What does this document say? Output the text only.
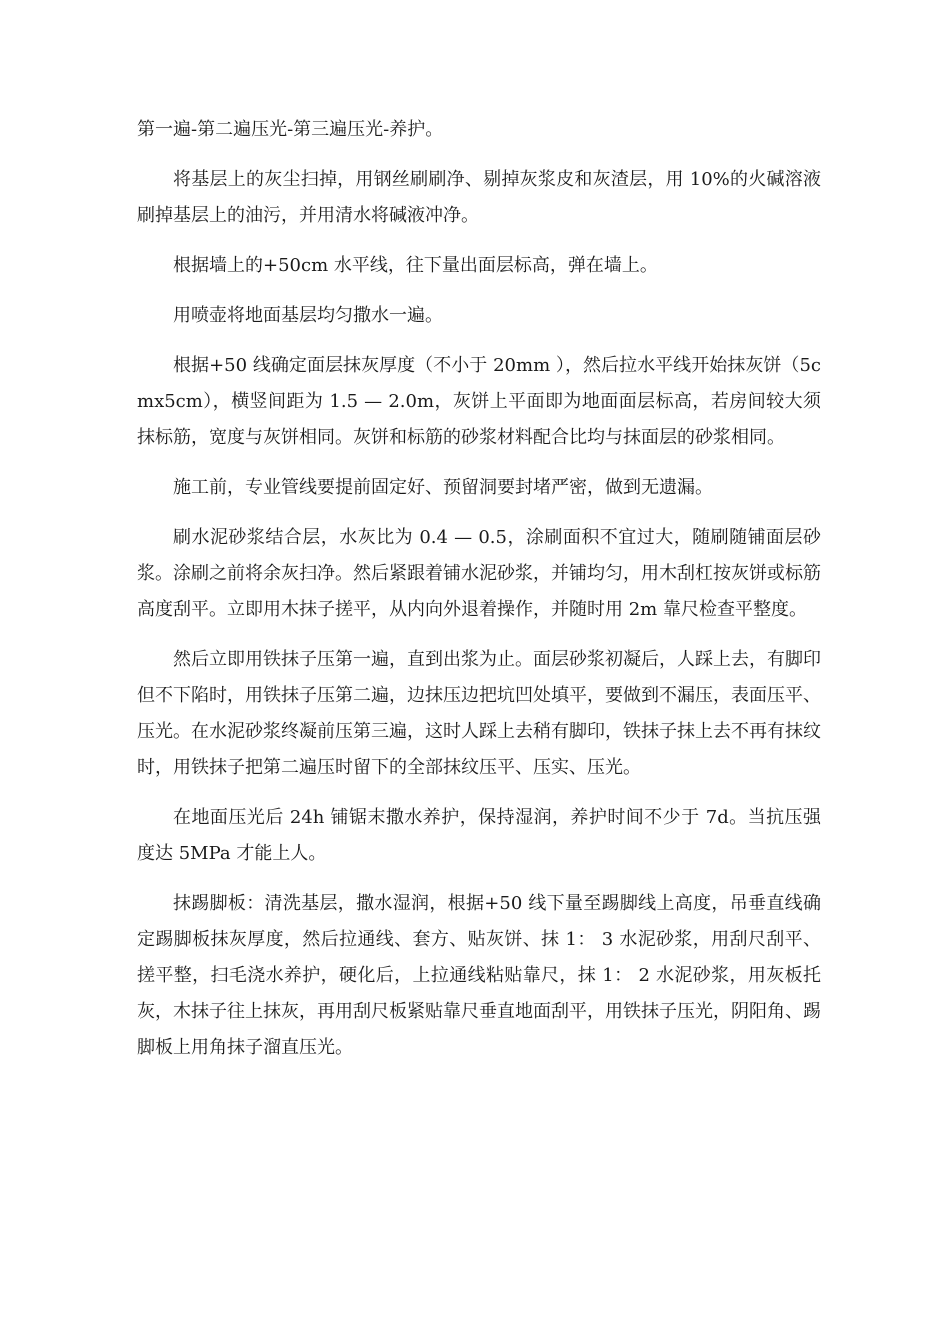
第一遍-第二遍压光-第三遍压光-养护。

将基层上的灰尘扫掉，用钢丝刷刷净、剔掉灰浆皮和灰渣层，用 10%的火碱溶液刷掉基层上的油污，并用清水将碱液冲净。

根据墙上的+50cm 水平线，往下量出面层标高，弹在墙上。

用喷壶将地面基层均匀撒水一遍。

根据+50 线确定面层抹灰厚度（不小于 20mm ），然后拉水平线开始抹灰饼（5cmx5cm），横竖间距为 1.5 — 2.0m，灰饼上平面即为地面面层标高，若房间较大须抹标筋，宽度与灰饼相同。灰饼和标筋的砂浆材料配合比均与抹面层的砂浆相同。

施工前，专业管线要提前固定好、预留洞要封堵严密，做到无遗漏。

刷水泥砂浆结合层，水灰比为 0.4 — 0.5，涂刷面积不宜过大，随刷随铺面层砂浆。涂刷之前将余灰扫净。然后紧跟着铺水泥砂浆，并铺均匀，用木刮杠按灰饼或标筋高度刮平。立即用木抹子搓平，从内向外退着操作，并随时用 2m 靠尺检查平整度。

然后立即用铁抹子压第一遍，直到出浆为止。面层砂浆初凝后，人踩上去，有脚印但不下陷时，用铁抹子压第二遍，边抹压边把坑凹处填平，要做到不漏压，表面压平、压光。在水泥砂浆终凝前压第三遍，这时人踩上去稍有脚印，铁抹子抹上去不再有抹纹时，用铁抹子把第二遍压时留下的全部抹纹压平、压实、压光。

在地面压光后 24h 铺锯末撒水养护，保持湿润，养护时间不少于 7d。当抗压强度达 5MPa 才能上人。

抹踢脚板：清洗基层，撒水湿润，根据+50 线下量至踢脚线上高度，吊垂直线确定踢脚板抹灰厚度，然后拉通线、套方、贴灰饼、抹 1： 3 水泥砂浆，用刮尺刮平、搓平整，扫毛浇水养护，硬化后，上拉通线粘贴靠尺，抹 1： 2 水泥砂浆，用灰板托灰，木抹子往上抹灰，再用刮尺板紧贴靠尺垂直地面刮平，用铁抹子压光，阴阳角、踢脚板上用角抹子溜直压光。
